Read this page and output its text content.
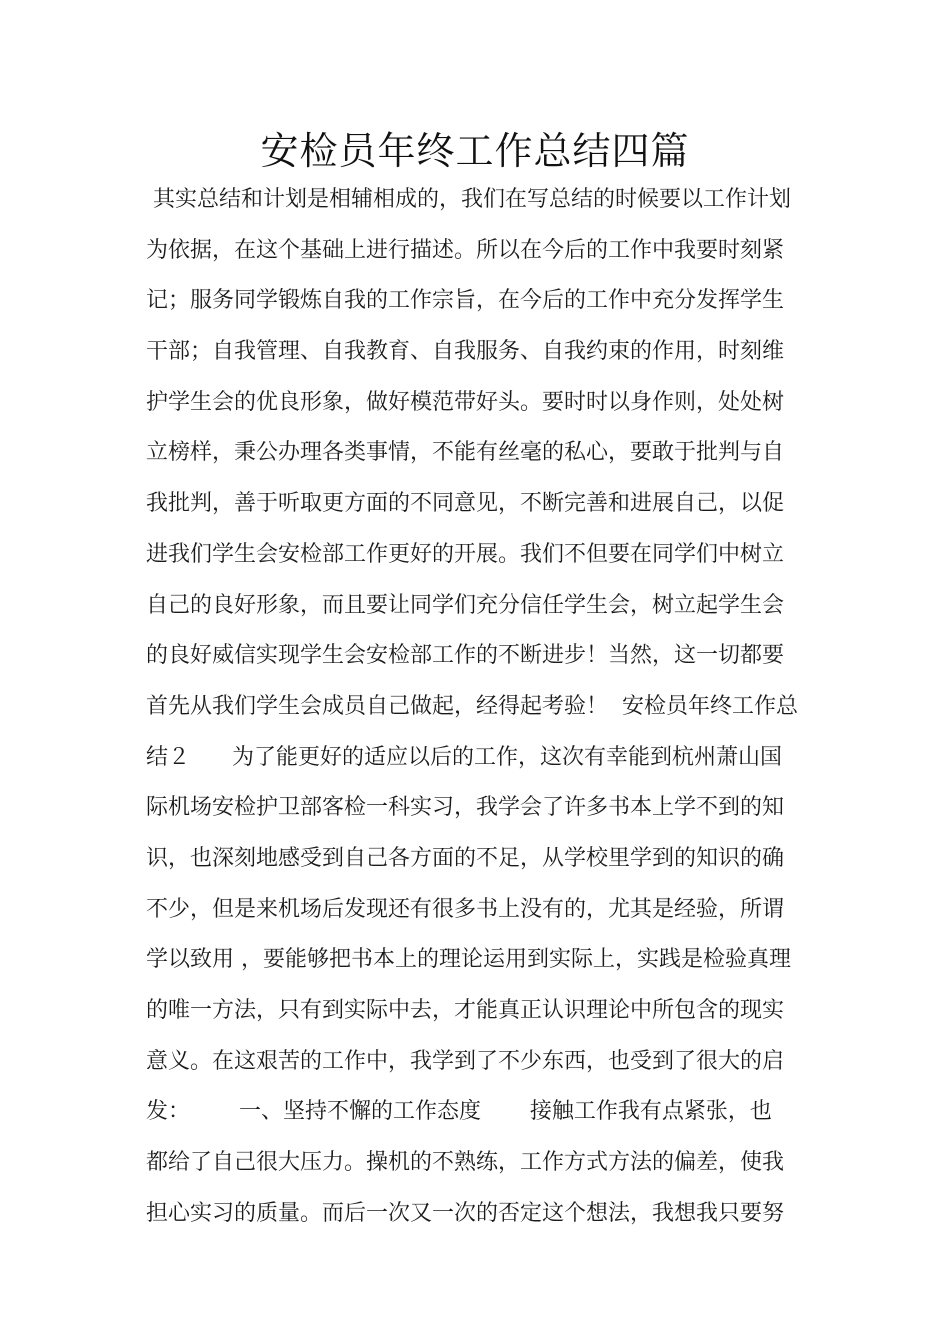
安检员年终工作总结四篇
其实总结和计划是相辅相成的，我们在写总结的时候要以工作计划
为依据，在这个基础上进行描述。所以在今后的工作中我要时刻紧
记；服务同学锻炼自我的工作宗旨，在今后的工作中充分发挥学生
干部；自我管理、自我教育、自我服务、自我约束的作用，时刻维
护学生会的优良形象，做好模范带好头。要时时以身作则，处处树
立榜样，秉公办理各类事情，不能有丝毫的私心，要敢于批判与自
我批判，善于听取更方面的不同意见，不断完善和进展自己，以促
进我们学生会安检部工作更好的开展。我们不但要在同学们中树立
自己的良好形象，而且要让同学们充分信任学生会，树立起学生会
的良好威信实现学生会安检部工作的不断进步！当然，这一切都要
首先从我们学生会成员自己做起，经得起考验！  安检员年终工作总
结２      为了能更好的适应以后的工作，这次有幸能到杭州萧山国
际机场安检护卫部客检一科实习，我学会了许多书本上学不到的知
识，也深刻地感受到自己各方面的不足，从学校里学到的知识的确
不少，但是来机场后发现还有很多书上没有的，尤其是经验，所谓
学以致用 ，要能够把书本上的理论运用到实际上，实践是检验真理
的唯一方法，只有到实际中去，才能真正认识理论中所包含的现实
意义。在这艰苦的工作中，我学到了不少东西，也受到了很大的启
发：       一、坚持不懈的工作态度       接触工作我有点紧张，也
都给了自己很大压力。操机的不熟练，工作方式方法的偏差，使我
担心实习的质量。而后一次又一次的否定这个想法，我想我只要努
